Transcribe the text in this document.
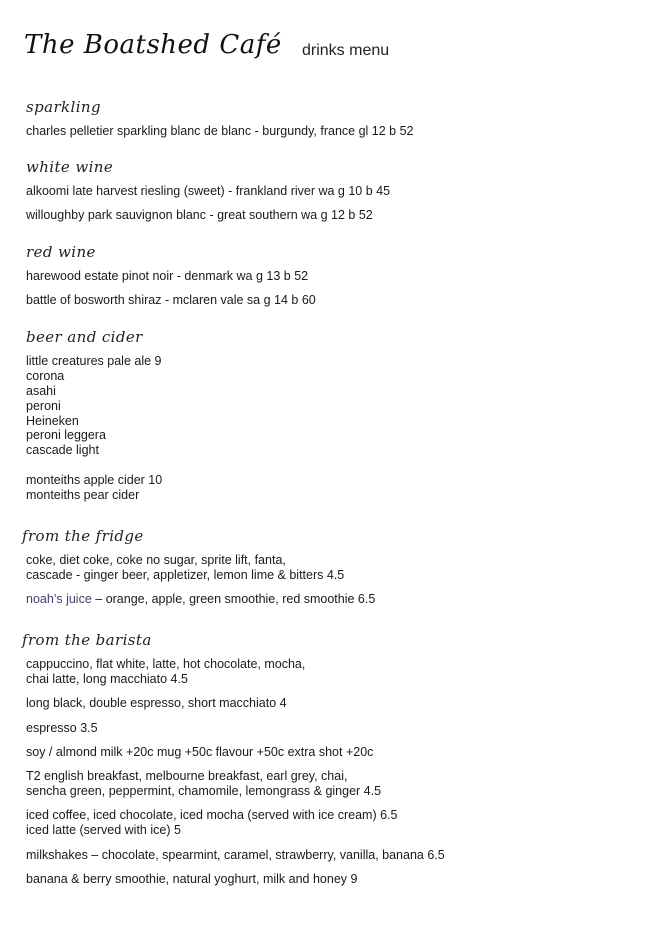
The Boatshed Café drinks menu
sparkling
charles pelletier sparkling blanc de blanc - burgundy, france gl 12 b 52
white wine
alkoomi late harvest riesling (sweet) - frankland river wa g 10 b 45
willoughby park sauvignon blanc - great southern wa g 12 b 52
red wine
harewood estate pinot noir - denmark wa g 13 b 52
battle of bosworth shiraz - mclaren vale sa g 14 b 60
beer and cider
little creatures pale ale 9
corona
asahi
peroni
Heineken
peroni leggera
cascade light
monteiths apple cider 10
monteiths pear cider
from the fridge
coke, diet coke, coke no sugar, sprite lift, fanta,
cascade - ginger beer, appletizer, lemon lime & bitters 4.5
noah’s juice – orange, apple, green smoothie, red smoothie 6.5
from the barista
cappuccino, flat white, latte, hot chocolate, mocha,
chai latte, long macchiato 4.5
long black, double espresso, short macchiato 4
espresso 3.5
soy / almond milk +20c mug +50c flavour +50c extra shot +20c
T2 english breakfast, melbourne breakfast, earl grey, chai,
sencha green, peppermint, chamomile, lemongrass & ginger 4.5
iced coffee, iced chocolate, iced mocha (served with ice cream) 6.5
iced latte (served with ice) 5
milkshakes – chocolate, spearmint, caramel, strawberry, vanilla, banana 6.5
banana & berry smoothie, natural yoghurt, milk and honey 9
